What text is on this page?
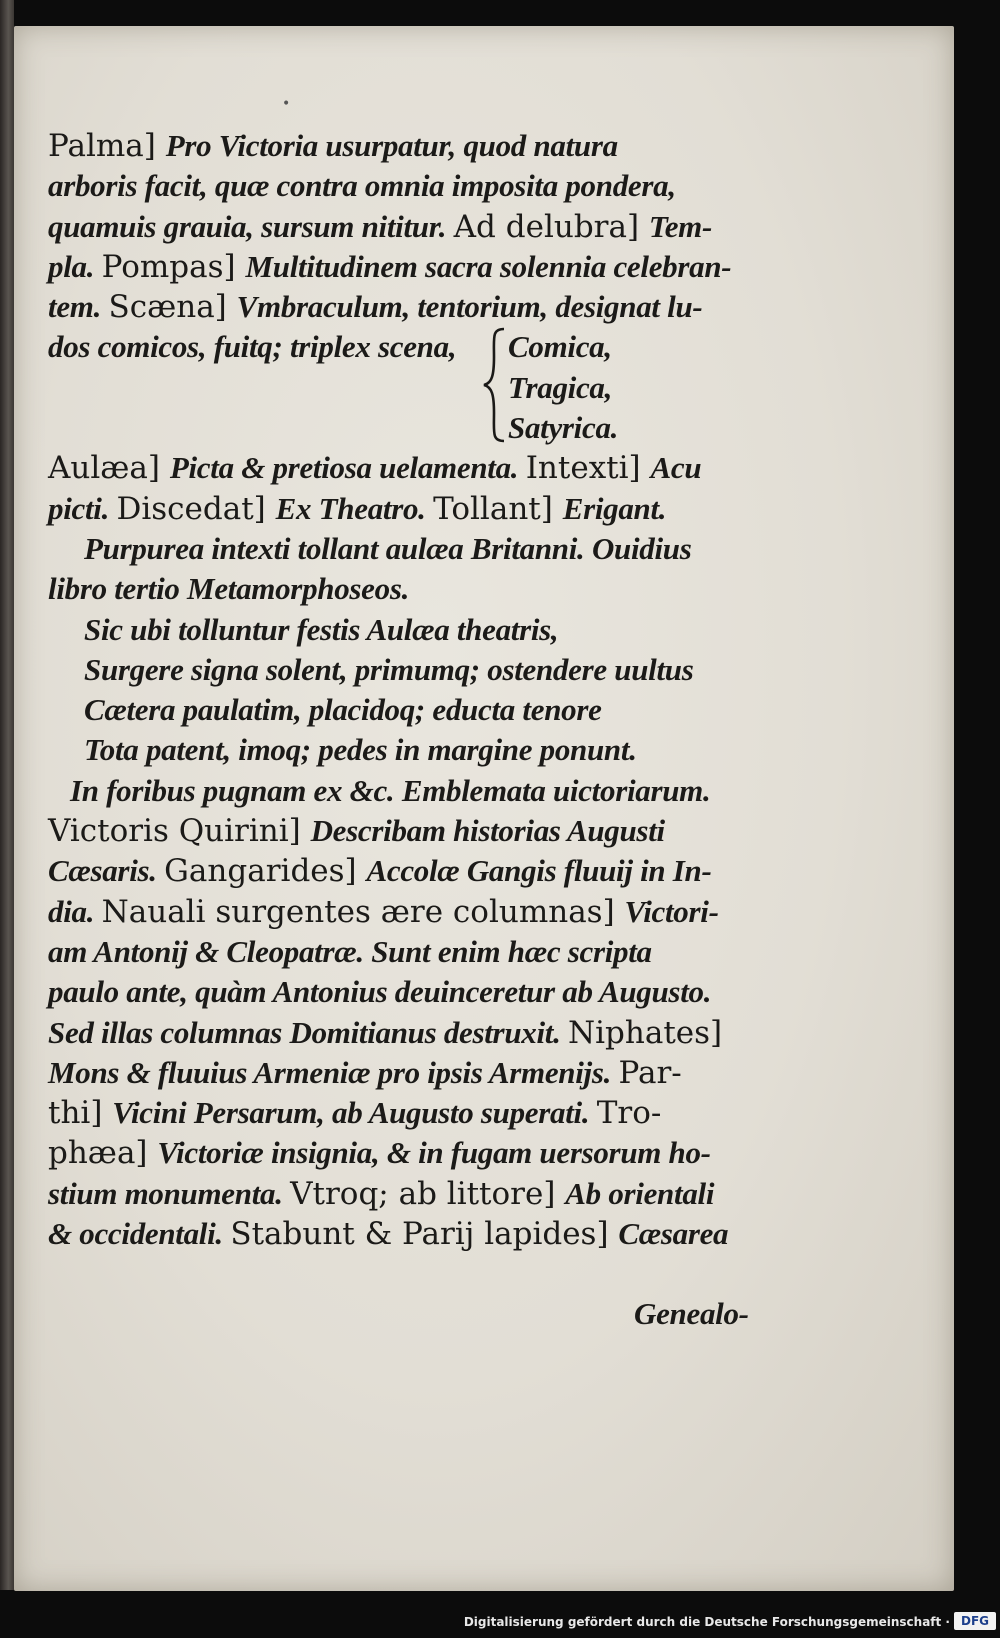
•
Palma] Pro Victoria usurpatur, quod natura
arboris facit, quæ contra omnia imposita pondera,
quamuis grauia, sursum nititur. Ad delubra] Tem-
pla. Pompas] Multitudinem sacra solennia celebran-
tem. Scæna] Vmbraculum, tentorium, designat lu-
dos comicos, fuitq; triplex scena,	Comica,
Tragica,
Satyrica.
Aulæa] Picta & pretiosa uelamenta. Intexti] Acu
picti. Discedat] Ex Theatro. Tollant] Erigant.
Purpurea intexti tollant aulæa Britanni. Ouidius
libro tertio Metamorphoseos.
Sic ubi tolluntur festis Aulæa theatris,
Surgere signa solent, primumq; ostendere uultus
Cætera paulatim, placidoq; educta tenore
Tota patent, imoq; pedes in margine ponunt.
In foribus pugnam ex &c. Emblemata uictoriarum.
Victoris Quirini] Describam historias Augusti
Cæsaris. Gangarides] Accolæ Gangis fluuij in In-
dia. Nauali surgentes ære columnas] Victori-
am Antonij & Cleopatræ. Sunt enim hæc scripta
paulo ante, quàm Antonius deuinceretur ab Augusto.
Sed illas columnas Domitianus destruxit. Niphates]
Mons & fluuius Armeniæ pro ipsis Armenijs. Par-
thi] Vicini Persarum, ab Augusto superati. Tro-
phæa] Victoriæ insignia, & in fugam uersorum ho-
stium monumenta. Vtroq; ab littore] Ab orientali
& occidentali. Stabunt & Parij lapides] Cæsarea
Genealo-
Digitalisierung gefördert durch die Deutsche Forschungsgemeinschaft · DFG
